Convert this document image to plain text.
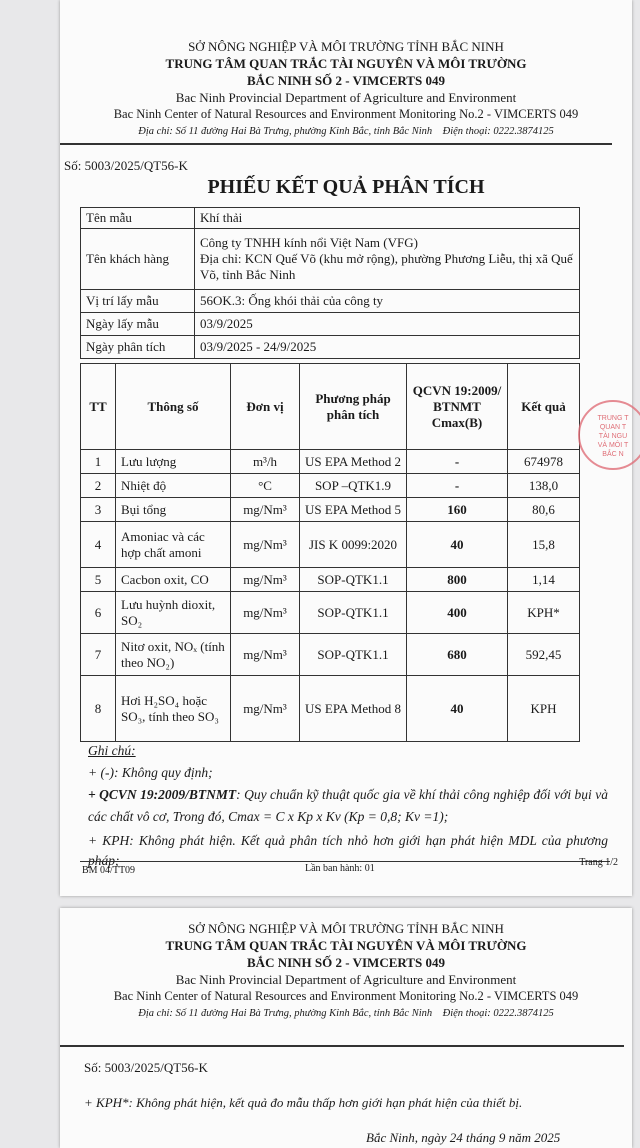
SỞ NÔNG NGHIỆP VÀ MÔI TRƯỜNG TỈNH BẮC NINH
TRUNG TÂM QUAN TRẮC TÀI NGUYÊN VÀ MÔI TRƯỜNG
BẮC NINH SỐ 2 - VIMCERTS 049
Bac Ninh Provincial Department of Agriculture and Environment
Bac Ninh Center of Natural Resources and Environment Monitoring No.2 - VIMCERTS 049
Địa chỉ: Số 11 đường Hai Bà Trưng, phường Kinh Bắc, tỉnh Bắc Ninh Điện thoại: 0222.3874125
Số: 5003/2025/QT56-K
PHIẾU KẾT QUẢ PHÂN TÍCH
Tên mẫu	Khí thải
Tên khách hàng	Công ty TNHH kính nổi Việt Nam (VFG)
Địa chỉ: KCN Quế Võ (khu mở rộng), phường Phương Liễu, thị xã Quế Võ, tỉnh Bắc Ninh

Vị trí lấy mẫu	56OK.3: Ống khói thải của công ty
Ngày lấy mẫu	03/9/2025
Ngày phân tích	03/9/2025 - 24/9/2025
TT	Thông số	Đơn vị	Phương pháp phân tích	QCVN 19:2009/ BTNMT Cmax(B)	Kết quả
1	Lưu lượng	m³/h	US EPA Method 2	-	674978
2	Nhiệt độ	°C	SOP –QTK1.9	-	138,0
3	Bụi tổng	mg/Nm³	US EPA Method 5	160	80,6
4	Amoniac và các hợp chất amoni	mg/Nm³	JIS K 0099:2020	40	15,8
5	Cacbon oxit, CO	mg/Nm³	SOP-QTK1.1	800	1,14
6	Lưu huỳnh dioxit, SO₂	mg/Nm³	SOP-QTK1.1	400	KPH*
7	Nitơ oxit, NOₓ (tính theo NO₂)	mg/Nm³	SOP-QTK1.1	680	592,45
8	Hơi H₂SO₄ hoặc SO₃, tính theo SO₃	mg/Nm³	US EPA Method 8	40	KPH
Ghi chú:
+ (-): Không quy định;
+ QCVN 19:2009/BTNMT: Quy chuẩn kỹ thuật quốc gia về khí thải công nghiệp đối với bụi và các chất vô cơ, Trong đó, Cmax = C x Kp x Kv (Kp = 0,8; Kv =1);
+ KPH: Không phát hiện. Kết quả phân tích nhỏ hơn giới hạn phát hiện MDL của phương pháp;
BM 04/TT09	Lần ban hành: 01
Trang 1/2
TRUNG T
QUAN T
TÀI NGU
VÀ MÔI T
BẮC N
SỞ NÔNG NGHIỆP VÀ MÔI TRƯỜNG TỈNH BẮC NINH
TRUNG TÂM QUAN TRẮC TÀI NGUYÊN VÀ MÔI TRƯỜNG
BẮC NINH SỐ 2 - VIMCERTS 049
Bac Ninh Provincial Department of Agriculture and Environment
Bac Ninh Center of Natural Resources and Environment Monitoring No.2 - VIMCERTS 049
Địa chỉ: Số 11 đường Hai Bà Trưng, phường Kinh Bắc, tỉnh Bắc Ninh Điện thoại: 0222.3874125
Số: 5003/2025/QT56-K
+ KPH*: Không phát hiện, kết quả đo mẫu thấp hơn giới hạn phát hiện của thiết bị.
Bắc Ninh, ngày 24 tháng 9 năm 2025
